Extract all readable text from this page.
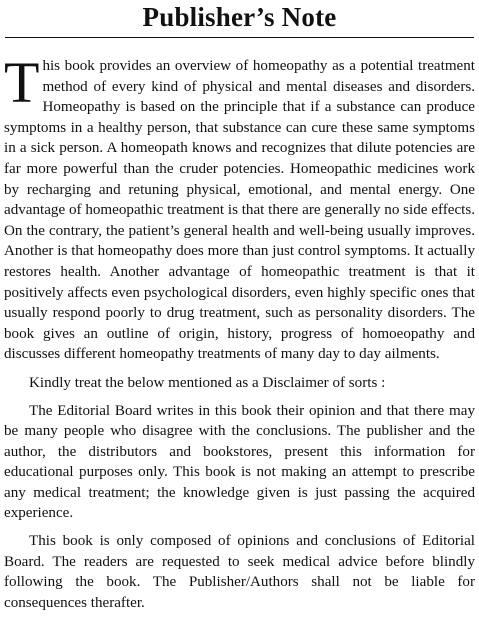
Publisher’s Note

This book provides an overview of homeopathy as a potential treatment method of every kind of physical and mental diseases and disorders. Homeopathy is based on the principle that if a substance can produce symptoms in a healthy person, that substance can cure these same symptoms in a sick person. A homeopath knows and recognizes that dilute potencies are far more powerful than the cruder potencies. Homeopathic medicines work by recharging and retuning physical, emotional, and mental energy. One advantage of homeopathic treatment is that there are generally no side effects. On the contrary, the patient’s general health and well-being usually improves. Another is that homeopathy does more than just control symptoms. It actually restores health. Another advantage of homeopathic treatment is that it positively affects even psychological disorders, even highly specific ones that usually respond poorly to drug treatment, such as personality disorders. The book gives an outline of origin, history, progress of homoeopathy and discusses different homeopathy treatments of many day to day ailments.

Kindly treat the below mentioned as a Disclaimer of sorts :

The Editorial Board writes in this book their opinion and that there may be many people who disagree with the conclusions. The publisher and the author, the distributors and bookstores, present this information for educational purposes only. This book is not making an attempt to prescribe any medical treatment; the knowledge given is just passing the acquired experience.

This book is only composed of opinions and conclusions of Editorial Board. The readers are requested to seek medical advice before blindly following the book. The Publisher/Authors shall not be liable for consequences therafter.
